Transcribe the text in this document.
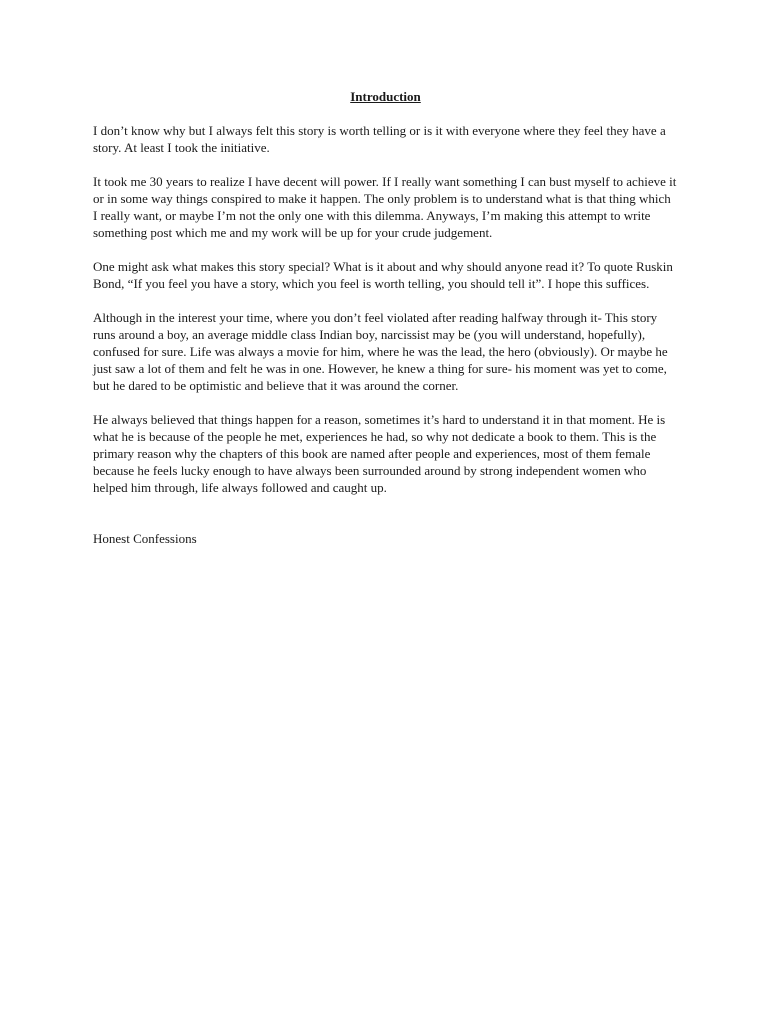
Introduction

I don’t know why but I always felt this story is worth telling or is it with everyone where they feel they have a story. At least I took the initiative.

It took me 30 years to realize I have decent will power. If I really want something I can bust myself to achieve it or in some way things conspired to make it happen. The only problem is to understand what is that thing which I really want, or maybe I’m not the only one with this dilemma. Anyways, I’m making this attempt to write something post which me and my work will be up for your crude judgement.

One might ask what makes this story special? What is it about and why should anyone read it? To quote Ruskin Bond, “If you feel you have a story, which you feel is worth telling, you should tell it”. I hope this suffices.

Although in the interest your time, where you don’t feel violated after reading halfway through it- This story runs around a boy, an average middle class Indian boy, narcissist may be (you will understand, hopefully), confused for sure. Life was always a movie for him, where he was the lead, the hero (obviously). Or maybe he just saw a lot of them and felt he was in one. However, he knew a thing for sure- his moment was yet to come, but he dared to be optimistic and believe that it was around the corner.

He always believed that things happen for a reason, sometimes it’s hard to understand it in that moment. He is what he is because of the people he met, experiences he had, so why not dedicate a book to them. This is the primary reason why the chapters of this book are named after people and experiences, most of them female because he feels lucky enough to have always been surrounded around by strong independent women who helped him through, life always followed and caught up.

Honest Confessions
